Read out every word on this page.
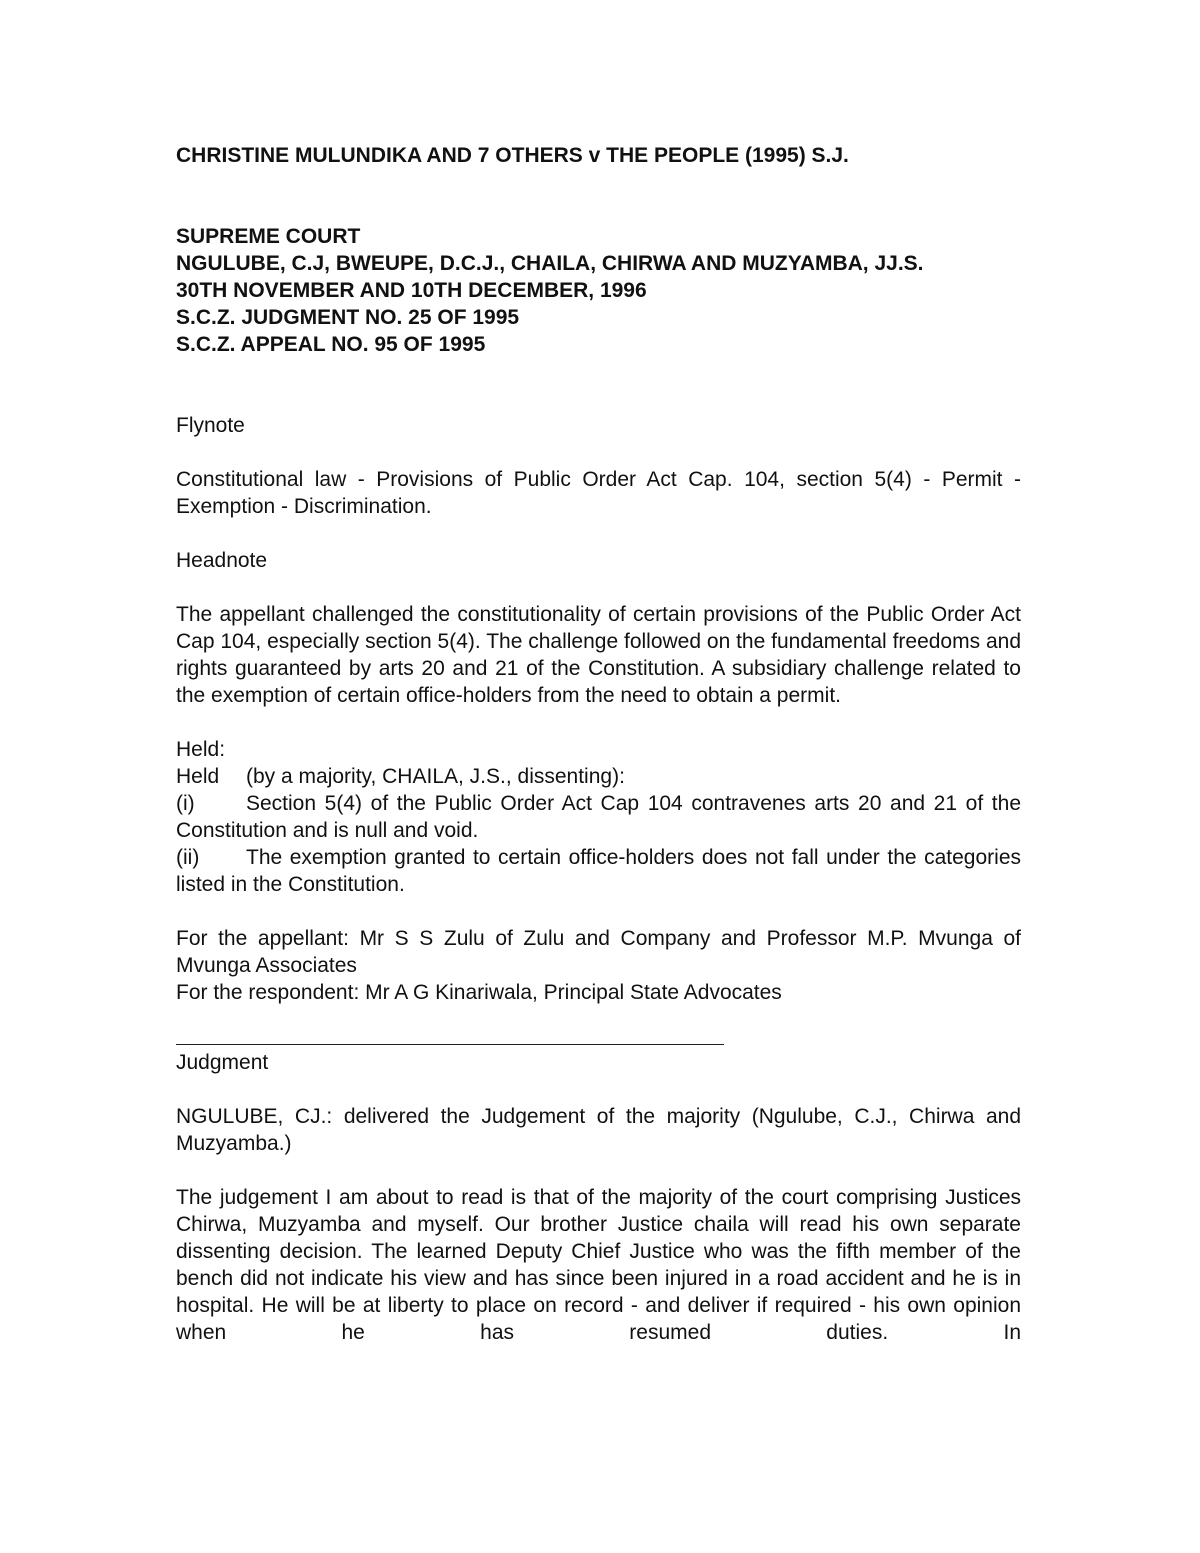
CHRISTINE MULUNDIKA AND 7 OTHERS v THE PEOPLE (1995) S.J.

SUPREME COURT
NGULUBE, C.J, BWEUPE, D.C.J., CHAILA, CHIRWA AND MUZYAMBA, JJ.S.
30TH NOVEMBER AND 10TH DECEMBER, 1996
S.C.Z. JUDGMENT NO. 25 OF 1995
S.C.Z. APPEAL NO. 95 OF 1995

Flynote

Constitutional law - Provisions of Public Order Act Cap. 104, section 5(4) - Permit - Exemption - Discrimination.

Headnote

The appellant challenged the constitutionality of certain provisions of the Public Order Act Cap 104, especially section 5(4). The challenge followed on the fundamental freedoms and rights guaranteed by arts 20 and 21 of the Constitution. A subsidiary challenge related to the exemption of certain office-holders from the need to obtain a permit.

Held:

Held (by a majority, CHAILA, J.S., dissenting):

(i) Section 5(4) of the Public Order Act Cap 104 contravenes arts 20 and 21 of the Constitution and is null and void.

(ii) The exemption granted to certain office-holders does not fall under the categories listed in the Constitution.

For the appellant: Mr S S Zulu of Zulu and Company and Professor M.P. Mvunga of Mvunga Associates

For the respondent: Mr A G Kinariwala, Principal State Advocates

Judgment

NGULUBE, CJ.: delivered the Judgement of the majority (Ngulube, C.J., Chirwa and Muzyamba.)

The judgement I am about to read is that of the majority of the court comprising Justices Chirwa, Muzyamba and myself. Our brother Justice chaila will read his own separate dissenting decision. The learned Deputy Chief Justice who was the fifth member of the bench did not indicate his view and has since been injured in a road accident and he is in hospital. He will be at liberty to place on record - and deliver if required - his own opinion when he has resumed duties. In
